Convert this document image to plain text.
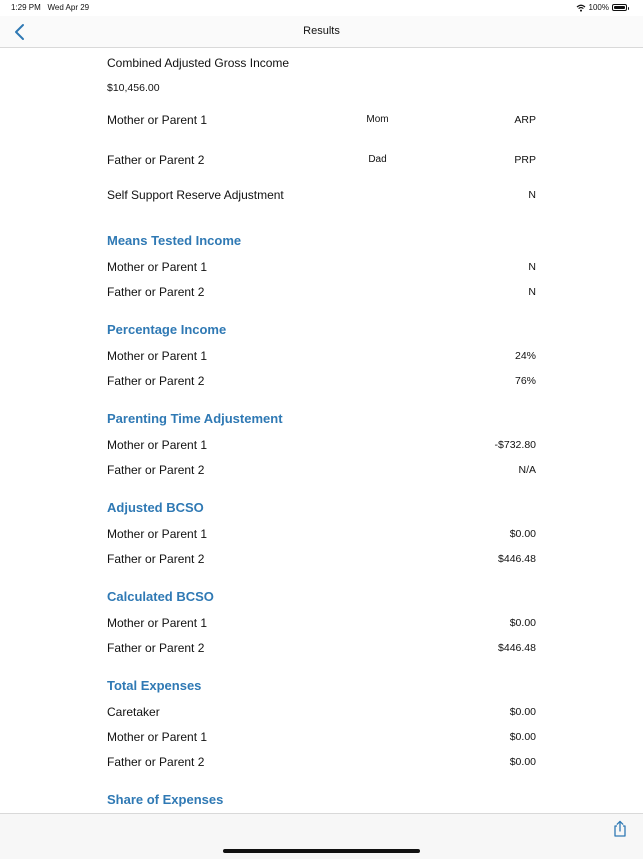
1:29 PM Wed Apr 29	100%
Results
Combined Adjusted Gross Income
$10,456.00
Mother or Parent 1	Mom	ARP
Father or Parent 2	Dad	PRP
Self Support Reserve Adjustment	N
Means Tested Income
Mother or Parent 1	N
Father or Parent 2	N
Percentage Income
Mother or Parent 1	24%
Father or Parent 2	76%
Parenting Time Adjustement
Mother or Parent 1	-$732.80
Father or Parent 2	N/A
Adjusted BCSO
Mother or Parent 1	$0.00
Father or Parent 2	$446.48
Calculated BCSO
Mother or Parent 1	$0.00
Father or Parent 2	$446.48
Total Expenses
Caretaker	$0.00
Mother or Parent 1	$0.00
Father or Parent 2	$0.00
Share of Expenses
